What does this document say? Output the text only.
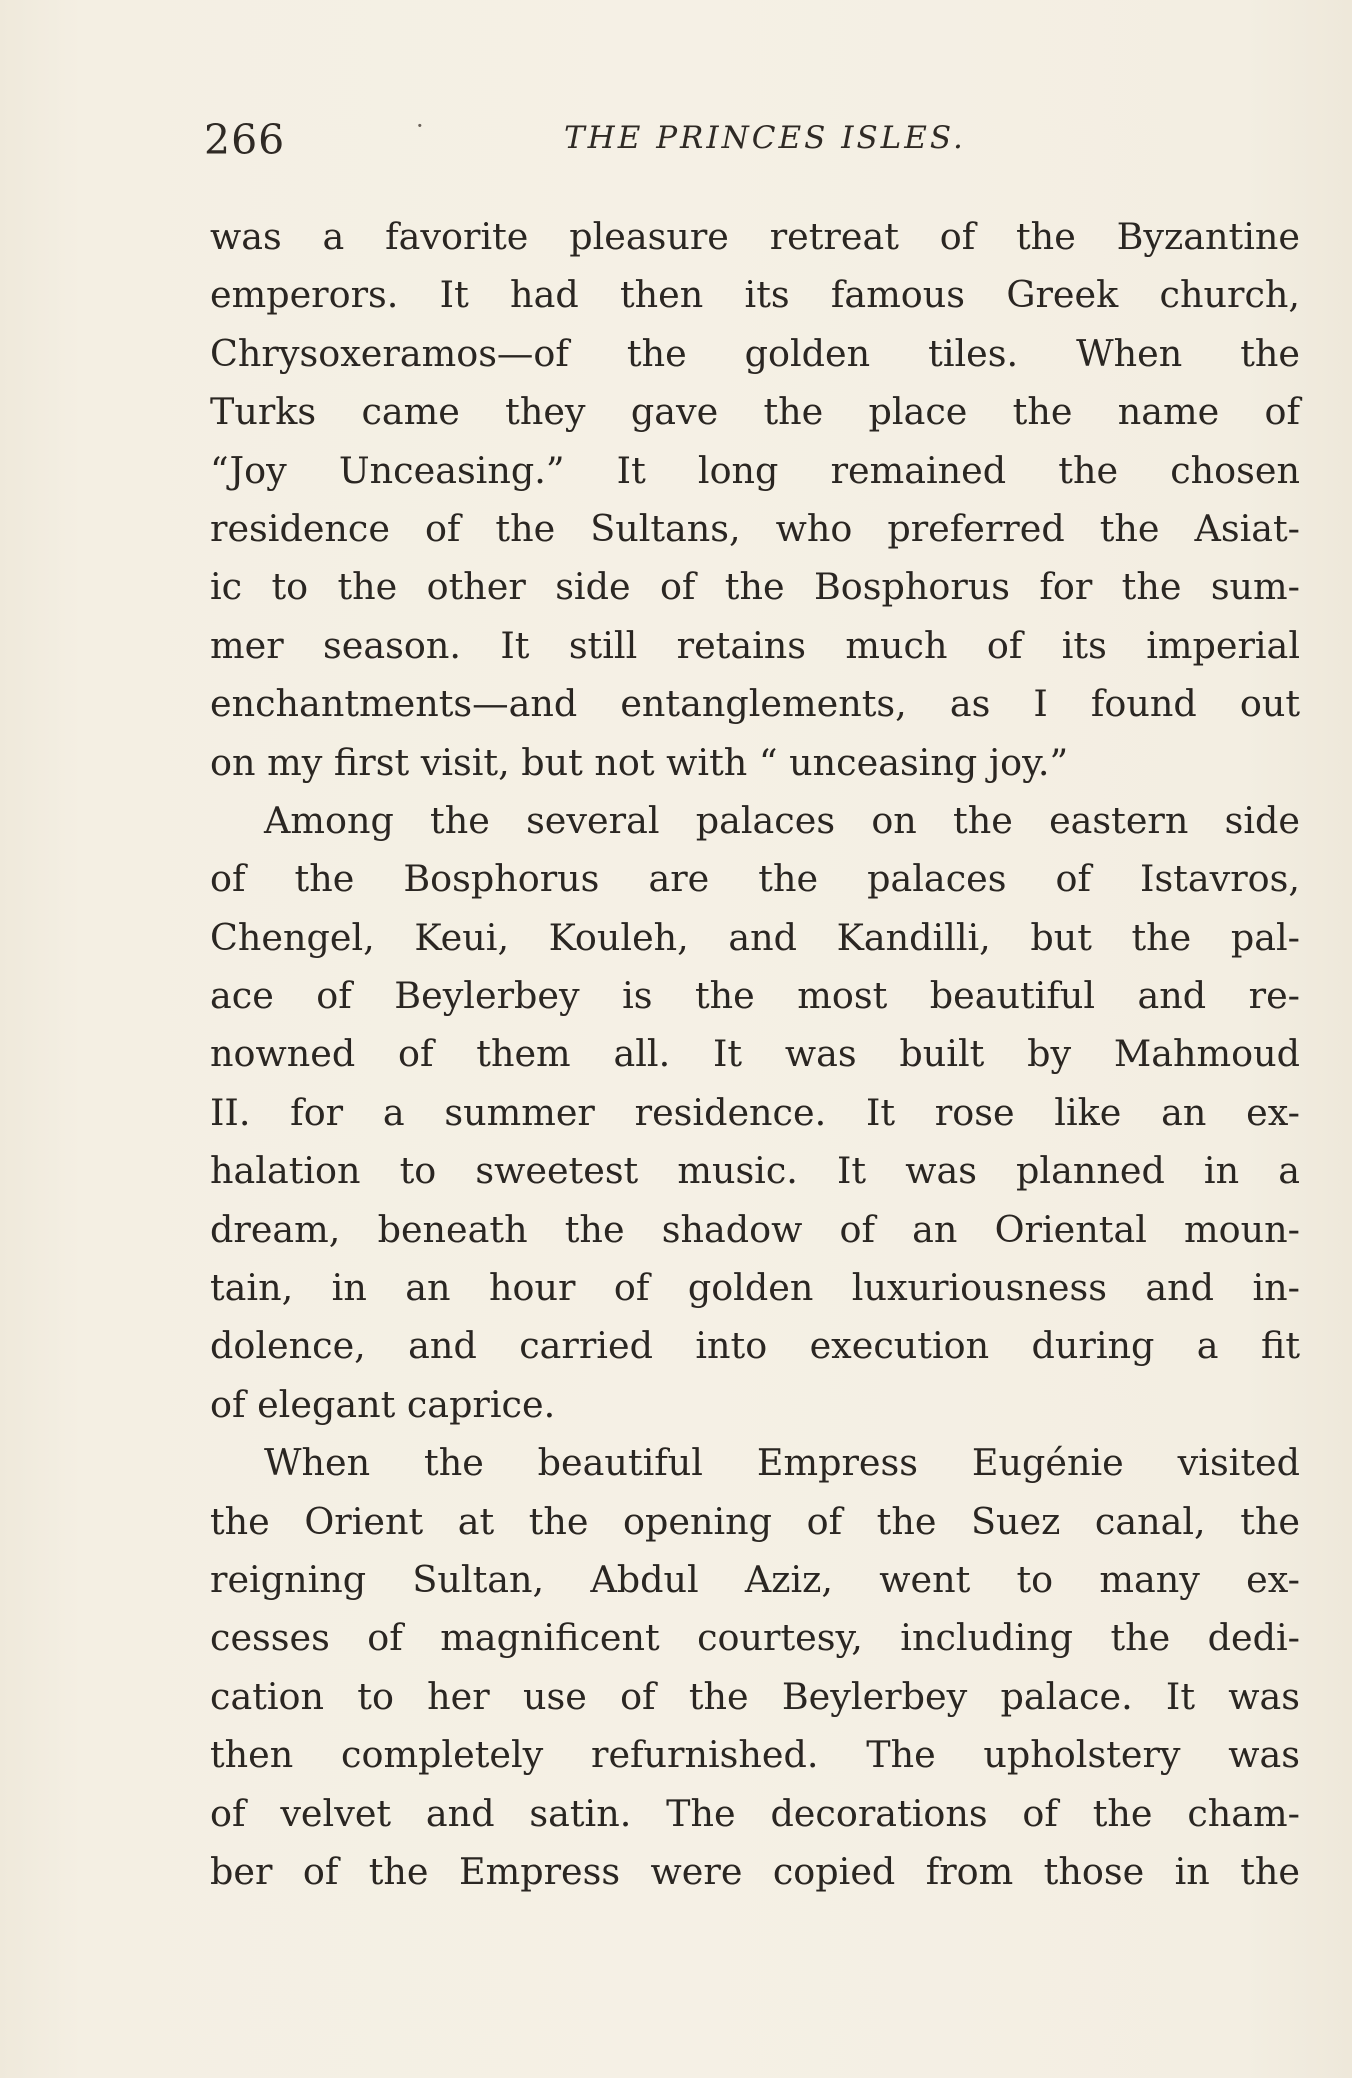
266	·	THE PRINCES ISLES.
was a favorite pleasure retreat of the Byzantine
emperors. It had then its famous Greek church,
Chrysoxeramos—of the golden tiles. When the
Turks came they gave the place the name of
“Joy Unceasing.” It long remained the chosen
residence of the Sultans, who preferred the Asiat-
ic to the other side of the Bosphorus for the sum-
mer season. It still retains much of its imperial
enchantments—and entanglements, as I found out
on my first visit, but not with “ unceasing joy.”
Among the several palaces on the eastern side
of the Bosphorus are the palaces of Istavros,
Chengel, Keui, Kouleh, and Kandilli, but the pal-
ace of Beylerbey is the most beautiful and re-
nowned of them all. It was built by Mahmoud
II. for a summer residence. It rose like an ex-
halation to sweetest music. It was planned in a
dream, beneath the shadow of an Oriental moun-
tain, in an hour of golden luxuriousness and in-
dolence, and carried into execution during a fit
of elegant caprice.
When the beautiful Empress Eugénie visited
the Orient at the opening of the Suez canal, the
reigning Sultan, Abdul Aziz, went to many ex-
cesses of magnificent courtesy, including the dedi-
cation to her use of the Beylerbey palace. It was
then completely refurnished. The upholstery was
of velvet and satin. The decorations of the cham-
ber of the Empress were copied from those in the
